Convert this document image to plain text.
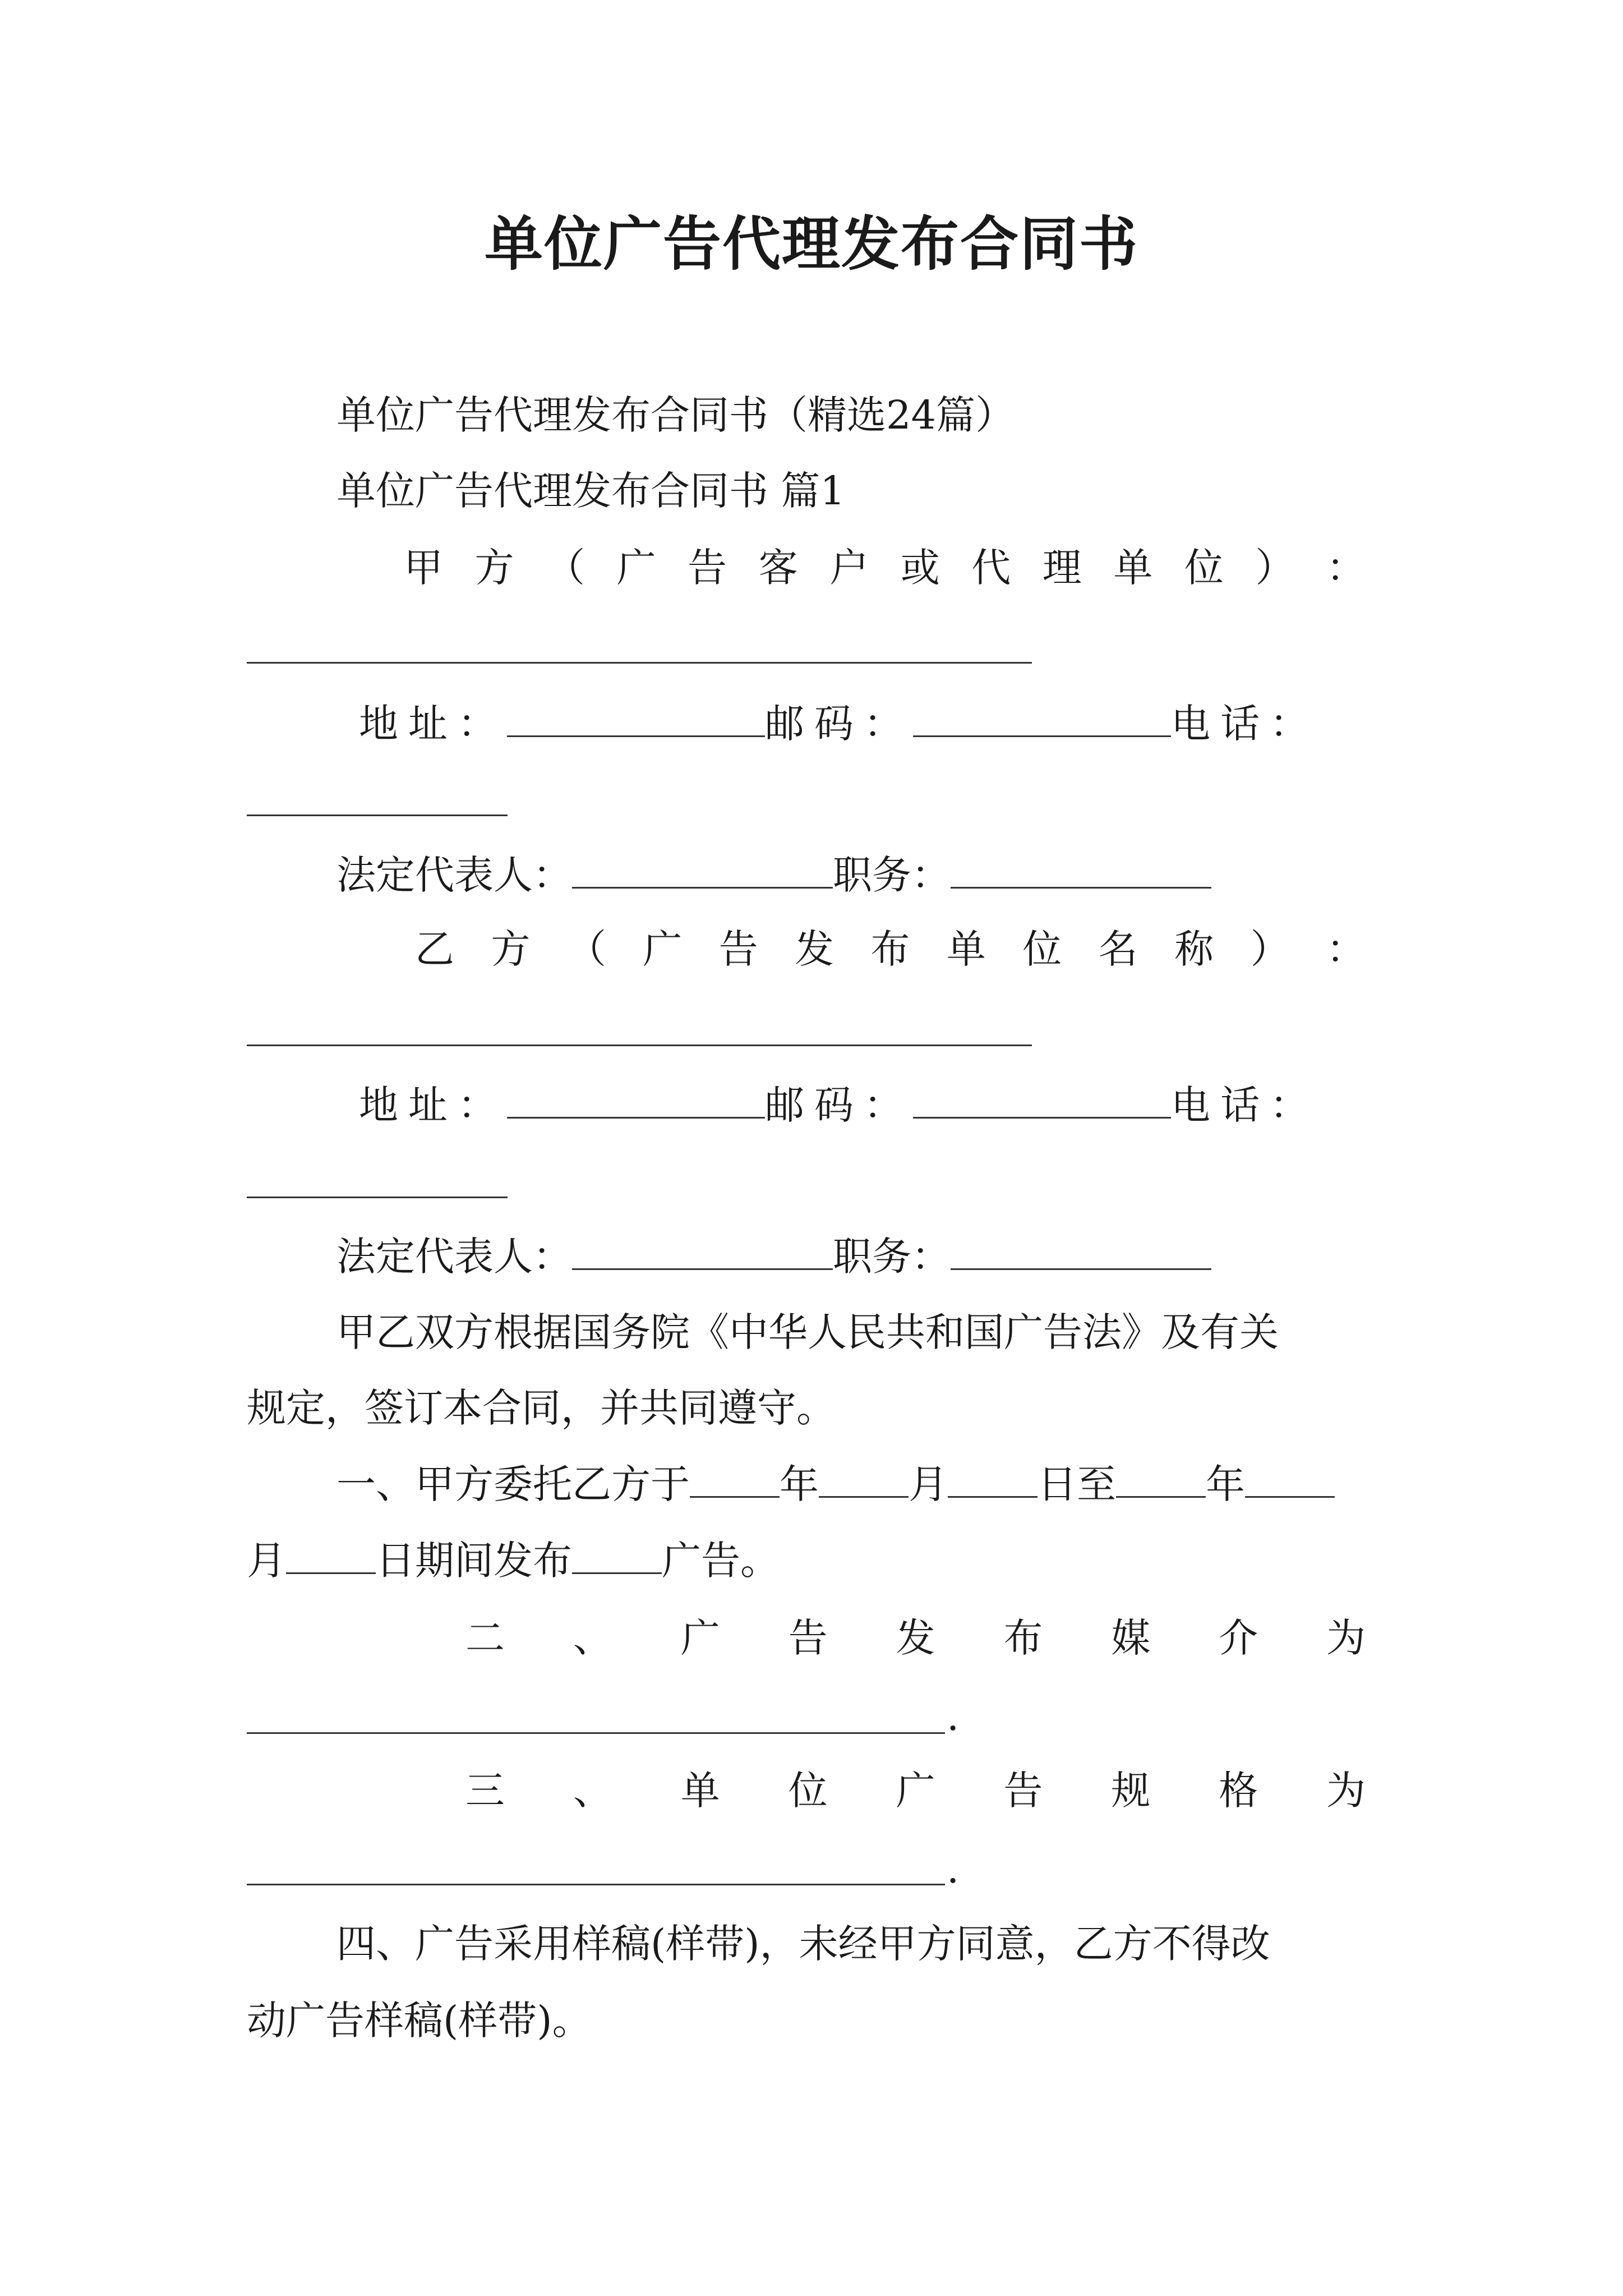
单位广告代理发布合同书
单位广告代理发布合同书（精选24篇）
单位广告代理发布合同书 篇1
甲 方 （ 广 告 客 户 或 代 理 单 位 ） ：
地址：	邮码：	电话：
法定代表人：	职务：
乙 方 （ 广 告 发 布 单 位 名 称 ） ：
地址：	邮码：	电话：
法定代表人：	职务：
甲乙双方根据国务院《中华人民共和国广告法》及有关
规定，签订本合同，并共同遵守。
一、甲方委托乙方于 年 月 日至 年
月 日期间发布 广告。
二 、 广 告 发 布 媒 介 为
.
三 、 单 位 广 告 规 格 为
.
四、广告采用样稿(样带)，未经甲方同意，乙方不得改
动广告样稿(样带)。
